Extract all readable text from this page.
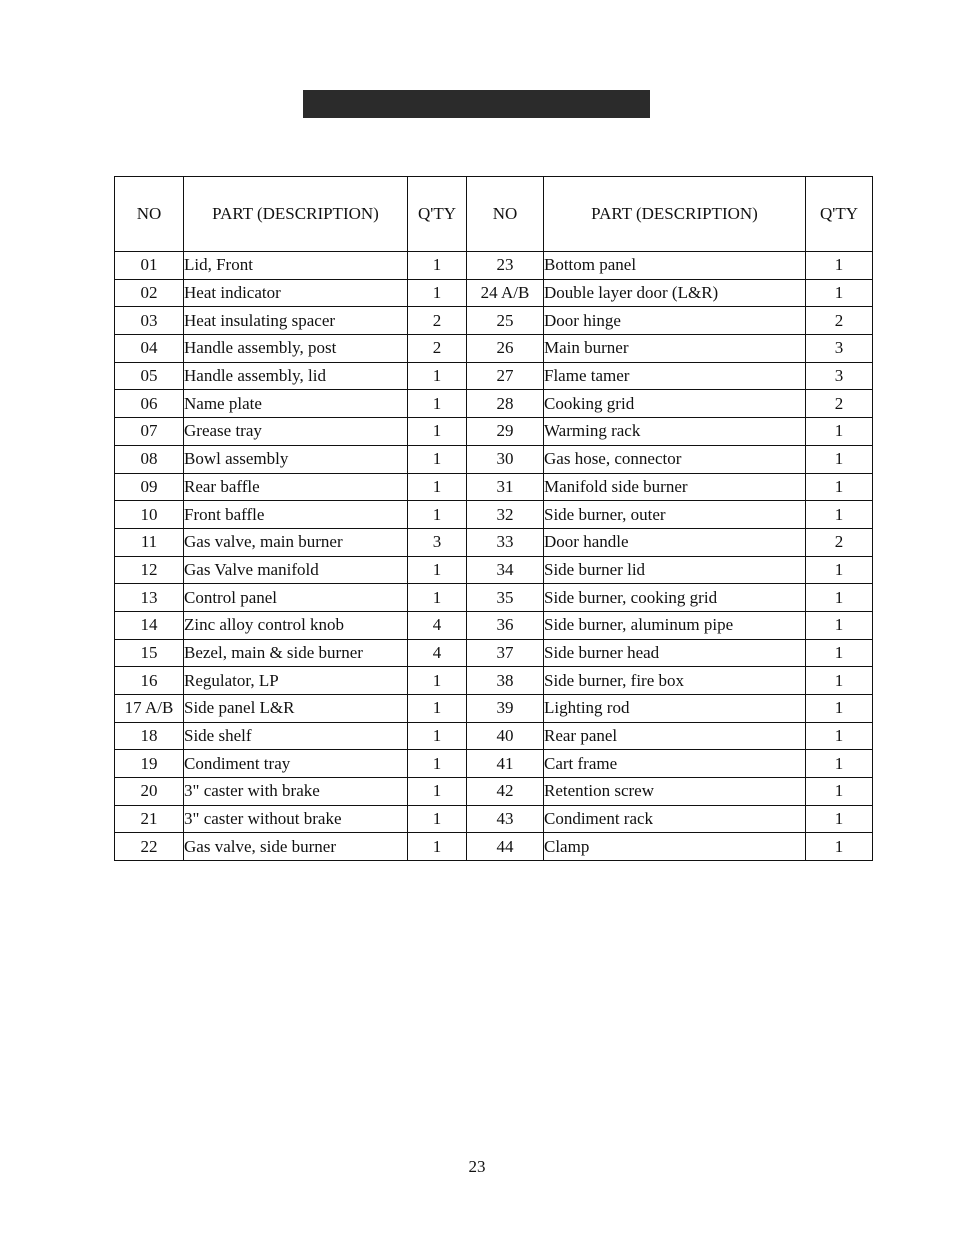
NO	PART (DESCRIPTION)	Q'TY	NO	PART (DESCRIPTION)	Q'TY
01	Lid, Front	1	23	Bottom panel	1
02	Heat indicator	1	24 A/B	Double layer door (L&R)	1
03	Heat insulating spacer	2	25	Door hinge	2
04	Handle assembly, post	2	26	Main burner	3
05	Handle assembly, lid	1	27	Flame tamer	3
06	Name plate	1	28	Cooking grid	2
07	Grease tray	1	29	Warming rack	1
08	Bowl assembly	1	30	Gas hose, connector	1
09	Rear baffle	1	31	Manifold side burner	1
10	Front baffle	1	32	Side burner, outer	1
11	Gas valve, main burner	3	33	Door handle	2
12	Gas Valve manifold	1	34	Side burner lid	1
13	Control panel	1	35	Side burner, cooking grid	1
14	Zinc alloy control knob	4	36	Side burner, aluminum pipe	1
15	Bezel, main & side burner	4	37	Side burner head	1
16	Regulator, LP	1	38	Side burner, fire box	1
17 A/B	Side panel L&R	1	39	Lighting rod	1
18	Side shelf	1	40	Rear panel	1
19	Condiment tray	1	41	Cart frame	1
20	3" caster with brake	1	42	Retention screw	1
21	3" caster without brake	1	43	Condiment rack	1
22	Gas valve, side burner	1	44	Clamp	1
23
